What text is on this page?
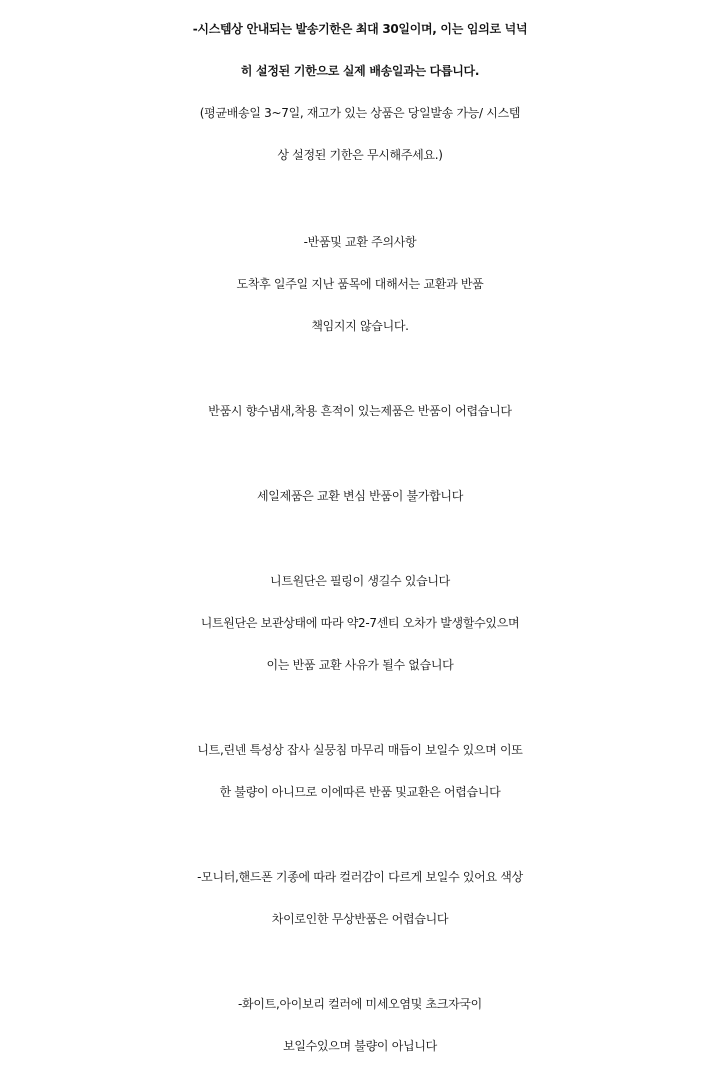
-시스템상 안내되는 발송기한은 최대 30일이며, 이는 임의로 넉넉
히 설정된 기한으로 실제 배송일과는 다릅니다.
(평균배송일 3~7일, 재고가 있는 상품은 당일발송 가능/ 시스템
상 설정된 기한은 무시해주세요.)
-반품및 교환 주의사항
도착후 일주일 지난 품목에 대해서는 교환과 반품
책임지지 않습니다.
반품시 향수냄새,착용 흔적이 있는제품은 반품이 어렵습니다
세일제품은 교환 변심 반품이 불가합니다
니트원단은 필링이 생길수 있습니다
니트원단은 보관상태에 따라 약2-7센티 오차가 발생할수있으며
이는 반품 교환 사유가 될수 없습니다
니트,린넨 특성상 잡사 실뭉침 마무리 매듭이 보일수 있으며 이또
한 불량이 아니므로 이에따른 반품 및교환은 어렵습니다
-모니터,핸드폰 기종에 따라 컬러감이 다르게 보일수 있어요 색상
차이로인한 무상반품은 어렵습니다
-화이트,아이보리 컬러에 미세오염및 초크자국이
보일수있으며 불량이 아닙니다
